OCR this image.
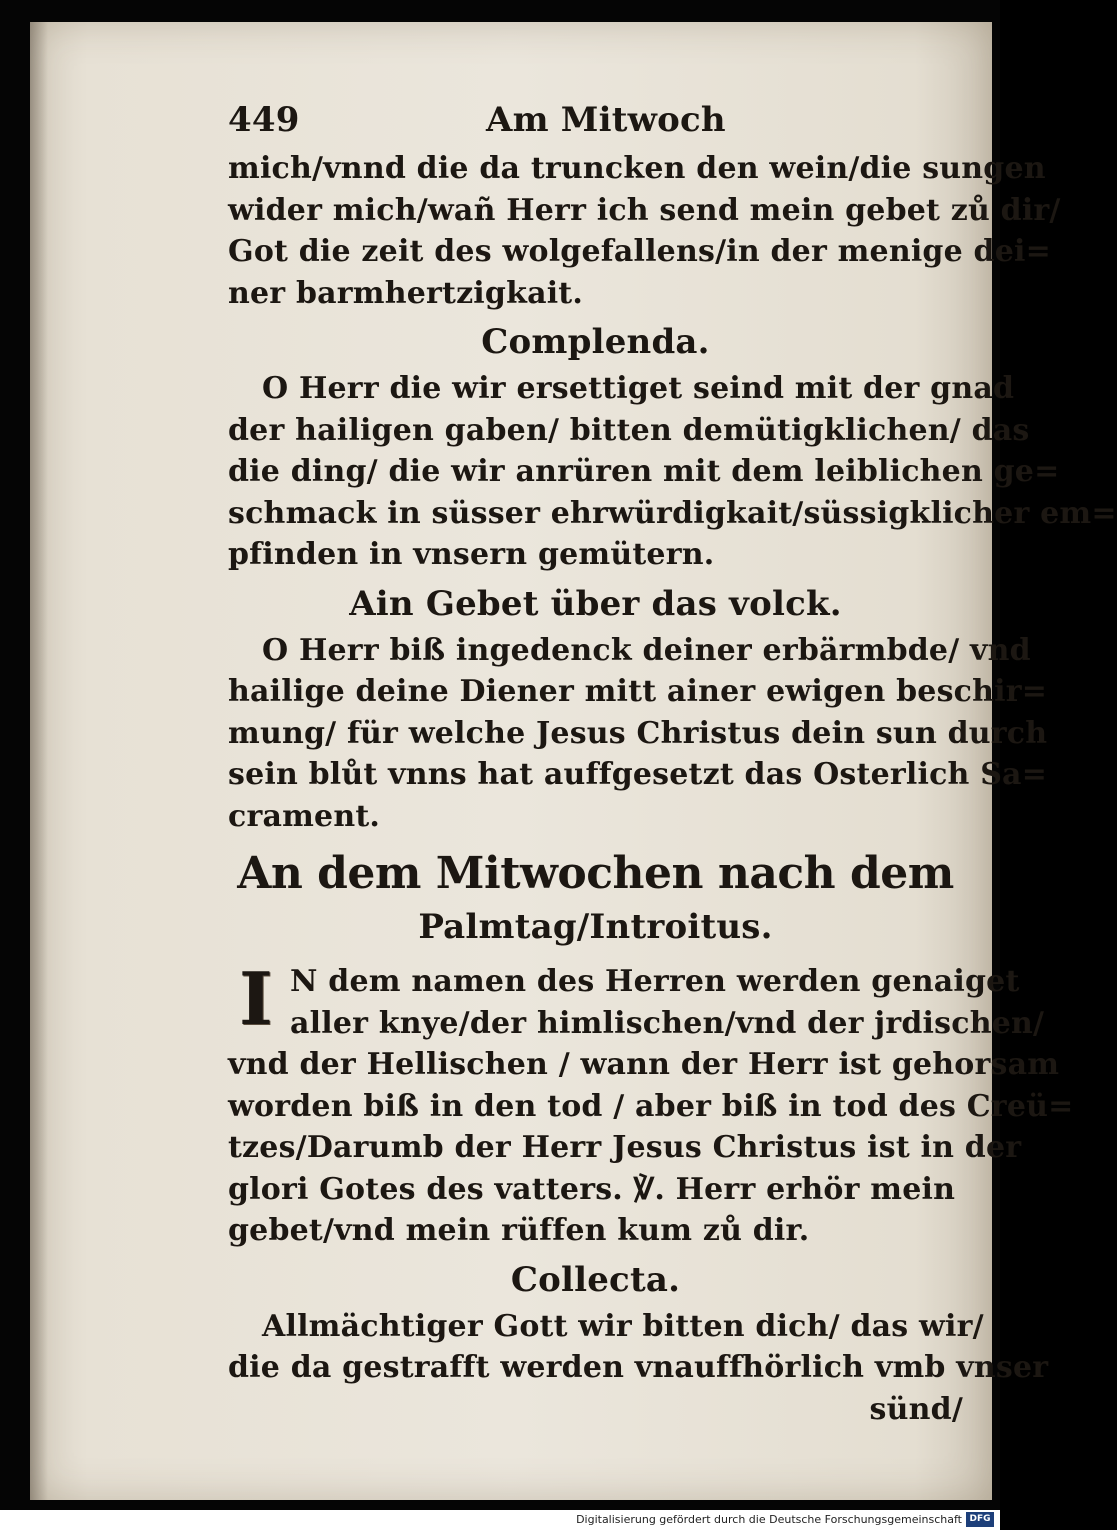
449	Am Mitwoch
mich/vnnd die da truncken den wein/die sungen
wider mich/wañ Herr ich send mein gebet zů dir/
Got die zeit des wolgefallens/in der menige dei=
ner barmhertzigkait.
Complenda.
O Herr die wir ersettiget seind mit der gnad
der hailigen gaben/ bitten demütigklichen/ das
die ding/ die wir anrüren mit dem leiblichen ge=
schmack in süsser ehrwürdigkait/süssigklicher em=
pfinden in vnsern gemütern.
Ain Gebet über das volck.
O Herr biß ingedenck deiner erbärmbde/ vnd
hailige deine Diener mitt ainer ewigen beschir=
mung/ für welche Jesus Christus dein sun durch
sein blůt vnns hat auffgesetzt das Osterlich Sa=
crament.
An dem Mitwochen nach dem
Palmtag/Introitus.
I N dem namen des Herren werden genaiget
aller knye/der himlischen/vnd der jrdischen/
vnd der Hellischen / wann der Herr ist gehorsam
worden biß in den tod / aber biß in tod des Creü=
tzes/Darumb der Herr Jesus Christus ist in der
glori Gotes des vatters. ℣. Herr erhör mein
gebet/vnd mein rüffen kum zů dir.
Collecta.
Allmächtiger Gott wir bitten dich/ das wir/
die da gestrafft werden vnauffhörlich vmb vnser
sünd/
Digitalisierung gefördert durch die Deutsche Forschungsgemeinschaft DFG
